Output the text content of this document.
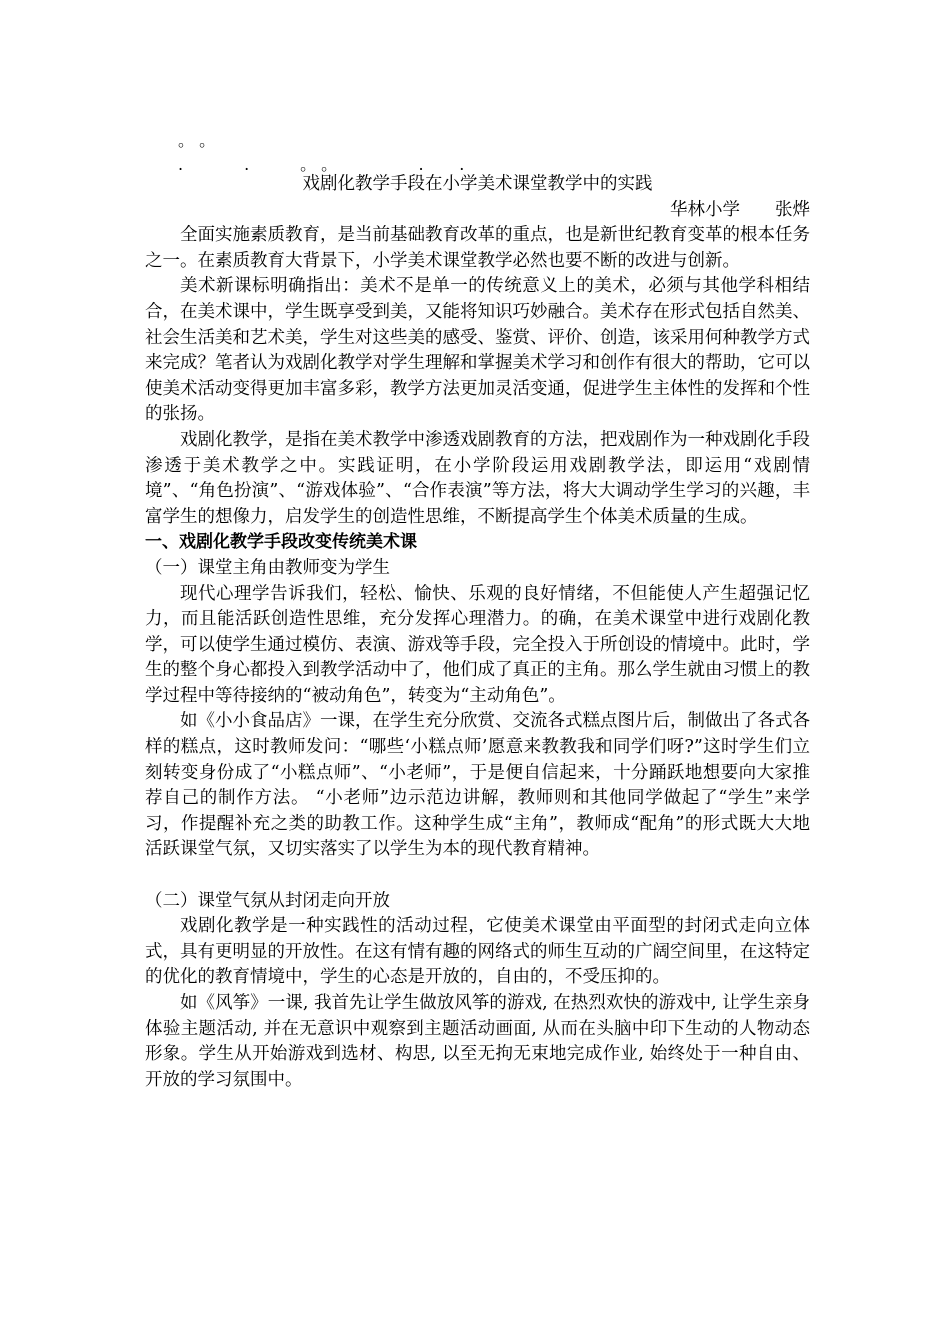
。 。
.            .          。 。                .       .
戏剧化教学手段在小学美术课堂教学中的实践

华林小学　　张烨

全面实施素质教育，是当前基础教育改革的重点，也是新世纪教育变革的根本任务之一。在素质教育大背景下，小学美术课堂教学必然也要不断的改进与创新。

美术新课标明确指出：美术不是单一的传统意义上的美术，必须与其他学科相结合，在美术课中，学生既享受到美，又能将知识巧妙融合。美术存在形式包括自然美、社会生活美和艺术美，学生对这些美的感受、鉴赏、评价、创造，该采用何种教学方式来完成？笔者认为戏剧化教学对学生理解和掌握美术学习和创作有很大的帮助，它可以使美术活动变得更加丰富多彩，教学方法更加灵活变通，促进学生主体性的发挥和个性的张扬。

戏剧化教学，是指在美术教学中渗透戏剧教育的方法，把戏剧作为一种戏剧化手段渗透于美术教学之中。实践证明，在小学阶段运用戏剧教学法，即运用“戏剧情境”、“角色扮演”、“游戏体验”、“合作表演”等方法，将大大调动学生学习的兴趣，丰富学生的想像力，启发学生的创造性思维，不断提高学生个体美术质量的生成。

一、戏剧化教学手段改变传统美术课

（一）课堂主角由教师变为学生

现代心理学告诉我们，轻松、愉快、乐观的良好情绪，不但能使人产生超强记忆力，而且能活跃创造性思维，充分发挥心理潜力。的确，在美术课堂中进行戏剧化教学，可以使学生通过模仿、表演、游戏等手段，完全投入于所创设的情境中。此时，学生的整个身心都投入到教学活动中了，他们成了真正的主角。那么学生就由习惯上的教学过程中等待接纳的“被动角色”，转变为“主动角色”。

如《小小食品店》一课，在学生充分欣赏、交流各式糕点图片后，制做出了各式各样的糕点，这时教师发问：“哪些‘小糕点师’愿意来教教我和同学们呀?”这时学生们立刻转变身份成了“小糕点师”、“小老师”，于是便自信起来，十分踊跃地想要向大家推荐自己的制作方法。 “小老师”边示范边讲解，教师则和其他同学做起了“学生”来学习，作提醒补充之类的助教工作。这种学生成“主角”，教师成“配角”的形式既大大地活跃课堂气氛，又切实落实了以学生为本的现代教育精神。

（二）课堂气氛从封闭走向开放

戏剧化教学是一种实践性的活动过程，它使美术课堂由平面型的封闭式走向立体式，具有更明显的开放性。在这有情有趣的网络式的师生互动的广阔空间里，在这特定的优化的教育情境中，学生的心态是开放的，自由的，不受压抑的。

如《风筝》一课, 我首先让学生做放风筝的游戏, 在热烈欢快的游戏中, 让学生亲身体验主题活动, 并在无意识中观察到主题活动画面, 从而在头脑中印下生动的人物动态形象。学生从开始游戏到选材、构思, 以至无拘无束地完成作业, 始终处于一种自由、开放的学习氛围中。
